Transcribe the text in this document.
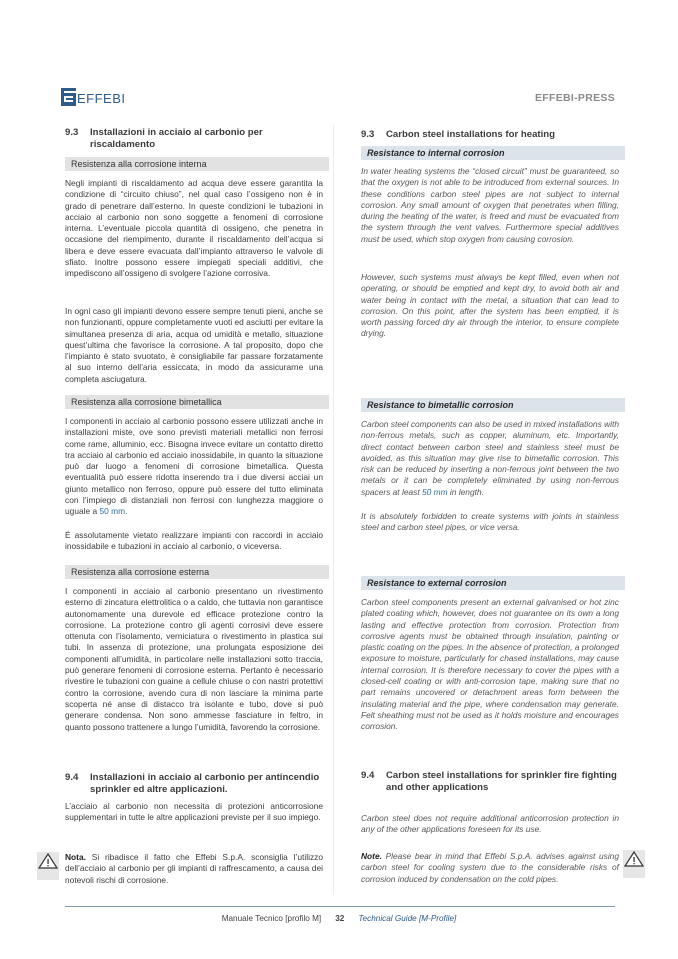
EFFEBI	EFFEBI-PRESS
9.3	Installazioni in acciaio al carbonio per riscaldamento
Resistenza alla corrosione interna

Negli impianti di riscaldamento ad acqua deve essere garantita la condizione di “circuito chiuso”, nel qual caso l’ossigeno non è in grado di penetrare dall’esterno. In queste condizioni le tubazioni in acciaio al carbonio non sono soggette a fenomeni di corrosione interna. L’eventuale piccola quantità di ossigeno, che penetra in occasione del riempimento, durante il riscaldamento dell’acqua si libera e deve essere evacuata dall’impianto attraverso le valvole di sfiato. Inoltre possono essere impiegati speciali additivi, che impediscono all’ossigeno di svolgere l’azione corrosiva.

In ogni caso gli impianti devono essere sempre tenuti pieni, anche se non funzionanti, oppure completamente vuoti ed asciutti per evitare la simultanea presenza di aria, acqua od umidità e metallo, situazione quest’ultima che favorisce la corrosione. A tal proposito, dopo che l’impianto è stato svuotato, è consigliabile far passare forzatamente al suo interno dell’aria essiccata, in modo da assicurarne una completa asciugatura.

Resistenza alla corrosione bimetallica

I componenti in acciaio al carbonio possono essere utilizzati anche in installazioni miste, ove sono previsti materiali metallici non ferrosi come rame, alluminio, ecc. Bisogna invece evitare un contatto diretto tra acciaio al carbonio ed acciaio inossidabile, in quanto la situazione può dar luogo a fenomeni di corrosione bimetallica. Questa eventualità può essere ridotta inserendo tra i due diversi acciai un giunto metallico non ferroso, oppure può essere del tutto eliminata con l’impiego di distanziali non ferrosi con lunghezza maggiore o uguale a 50 mm.

É assolutamente vietato realizzare impianti con raccordi in acciaio inossidabile e tubazioni in acciaio al carbonio, o viceversa.

Resistenza alla corrosione esterna

I componenti in acciaio al carbonio presentano un rivestimento esterno di zincatura elettrolitica o a caldo, che tuttavia non garantisce autonomamente una durevole ed efficace protezione contro la corrosione. La protezione contro gli agenti corrosivi deve essere ottenuta con l’isolamento, verniciatura o rivestimento in plastica sui tubi. In assenza di protezione, una prolungata esposizione dei componenti all’umidità, in particolare nelle installazioni sotto traccia, può generare fenomeni di corrosione esterna. Pertanto è necessario rivestire le tubazioni con guaine a cellule chiuse o con nastri protettivi contro la corrosione, avendo cura di non lasciare la minima parte scoperta né anse di distacco tra isolante e tubo, dove si può generare condensa. Non sono ammesse fasciature in feltro, in quanto possono trattenere a lungo l’umidità, favorendo la corrosione.

9.4	Installazioni in acciaio al carbonio per antincendio sprinkler ed altre applicazioni.

L’acciaio al carbonio non necessita di protezioni anticorrosione supplementari in tutte le altre applicazioni previste per il suo impiego.

Nota. Si ribadisce il fatto che Effebi S.p.A. sconsiglia l’utilizzo dell’acciaio al carbonio per gli impianti di raffrescamento, a causa dei notevoli rischi di corrosione.

9.3	Carbon steel installations for heating
Resistance to internal corrosion

In water heating systems the “closed circuit” must be guaranteed, so that the oxygen is not able to be introduced from external sources. In these conditions carbon steel pipes are not subject to internal corrosion. Any small amount of oxygen that penetrates when filling, during the heating of the water, is freed and must be evacuated from the system through the vent valves. Furthermore special additives must be used, which stop oxygen from causing corrosion.

However, such systems must always be kept filled, even when not operating, or should be emptied and kept dry, to avoid both air and water being in contact with the metal, a situation that can lead to corrosion. On this point, after the system has been emptied, it is worth passing forced dry air through the interior, to ensure complete drying.

Resistance to bimetallic corrosion

Carbon steel components can also be used in mixed installations with non-ferrous metals, such as copper, aluminum, etc. Importantly, direct contact between carbon steel and stainless steel must be avoided, as this situation may give rise to bimetallic corrosion. This risk can be reduced by inserting a non-ferrous joint between the two metals or it can be completely eliminated by using non-ferrous spacers at least 50 mm in length.

It is absolutely forbidden to create systems with joints in stainless steel and carbon steel pipes, or vice versa.

Resistance to external corrosion

Carbon steel components present an external galvanised or hot zinc plated coating which, however, does not guarantee on its own a long lasting and effective protection from corrosion. Protection from corrosive agents must be obtained through insulation, painting or plastic coating on the pipes. In the absence of protection, a prolonged exposure to moisture, particularly for chased installations, may cause internal corrosion. It is therefore necessary to cover the pipes with a closed-cell coating or with anti-corrosion tape, making sure that no part remains uncovered or detachment areas form between the insulating material and the pipe, where condensation may generate. Felt sheathing must not be used as it holds moisture and encourages corrosion.

9.4	Carbon steel installations for sprinkler fire fighting and other applications

Carbon steel does not require additional anticorrosion protection in any of the other applications foreseen for its use.

Note. Please bear in mind that Effebi S.p.A. advises against using carbon steel for cooling system due to the considerable risks of corrosion induced by condensation on the cold pipes.

Manuale Tecnico [profilo M] 32 Technical Guide [M-Profile]
